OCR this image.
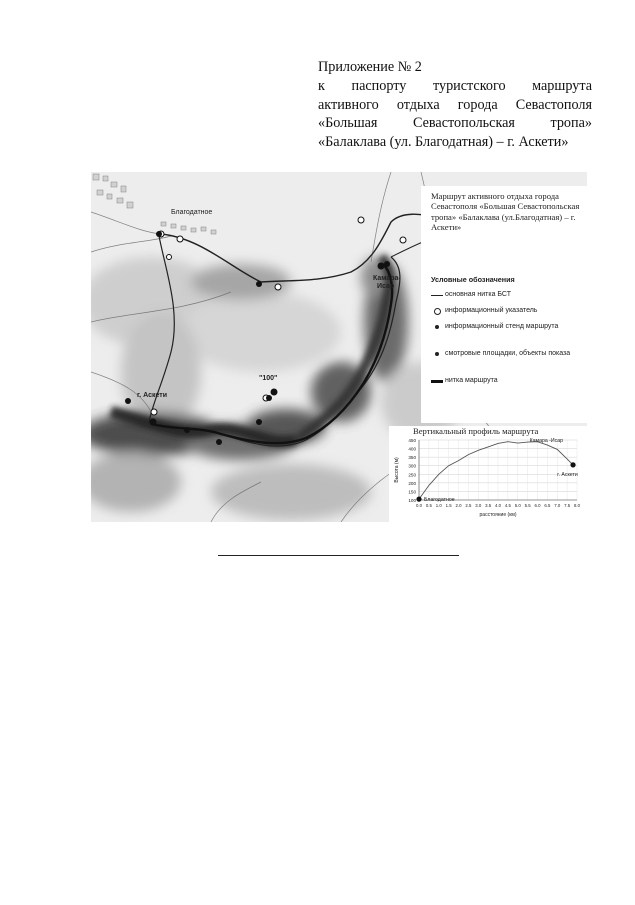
Приложение № 2
к паспорту туристского маршрута
активного отдыха города Севастополя
«Большая Севастопольская тропа»
«Балаклава (ул. Благодатная) – г. Аскети»
Благодатное
Камара-
Исар
г. Аскети
"100"
Маршрут активного отдыха города Севастополя «Большая Севастопольская тропа» «Балаклава (ул.Благодатная) – г. Аскети»
Условные обозначения
основная нитка БСТ
информационный указатель
информационный стенд маршрута
смотровые площадки, объекты показа
нитка маршрута
Вертикальный профиль маршрута
100
150
200
250
300
350
400
450
0.0 0.5 1.0 1.5 2.0 2.5 3.0 3.5 4.0 4.5 5.0 5.5 6.0 6.5 7.0 7.5 8.0
Благодатное
Камара -Исар
г. Аскети
расстояние (км)
Высота (м)
